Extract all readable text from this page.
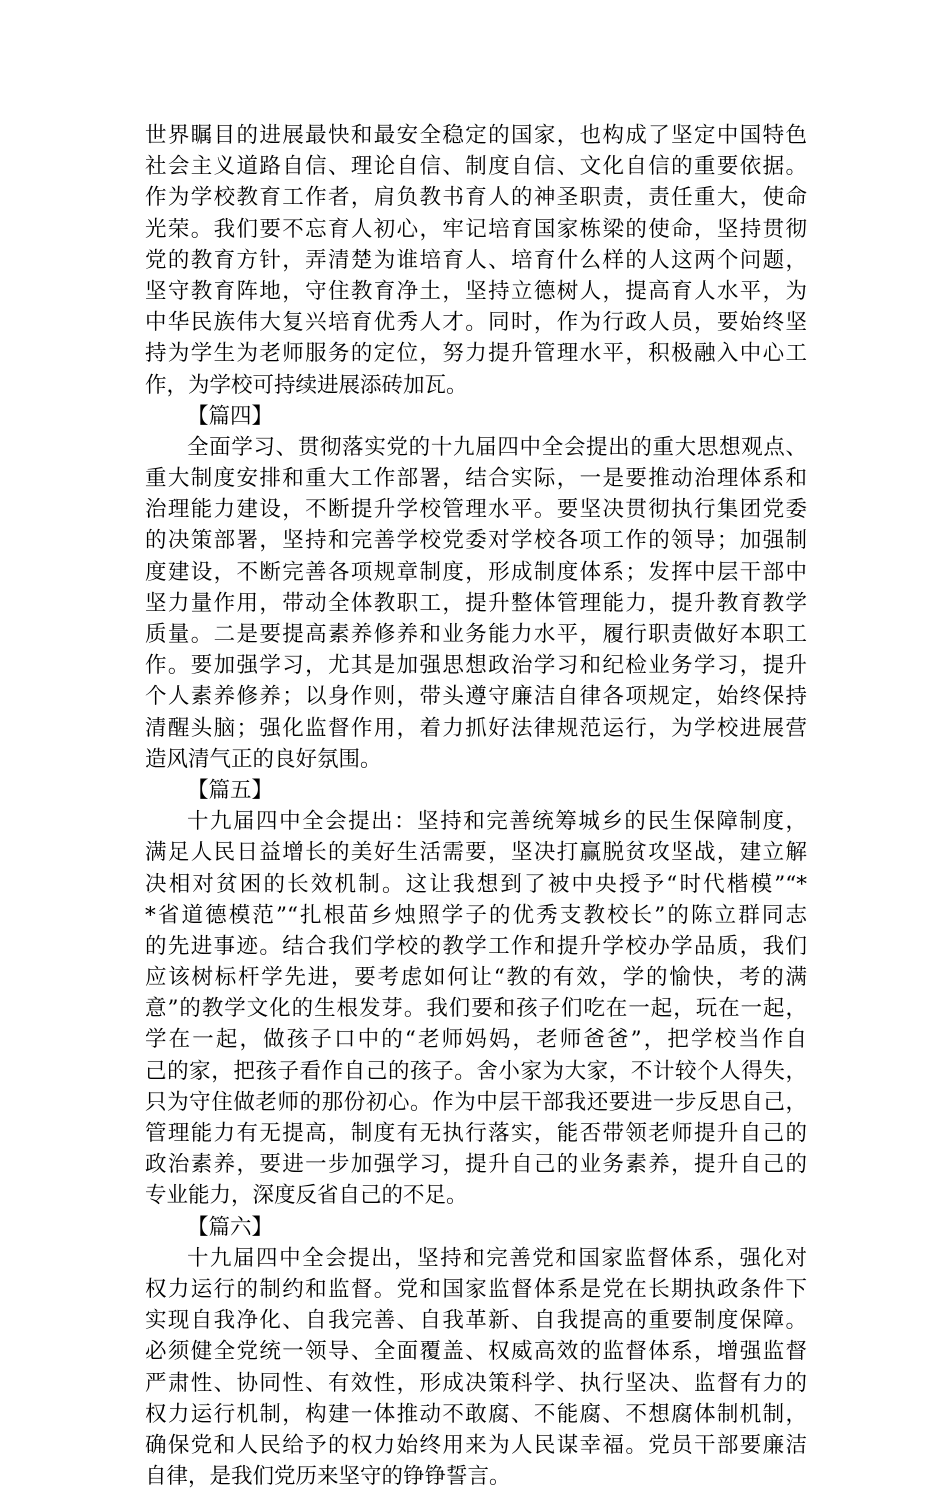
世界瞩目的进展最快和最安全稳定的国家，也构成了坚定中国特色
社会主义道路自信、理论自信、制度自信、文化自信的重要依据。
作为学校教育工作者，肩负教书育人的神圣职责，责任重大，使命
光荣。我们要不忘育人初心，牢记培育国家栋梁的使命，坚持贯彻
党的教育方针，弄清楚为谁培育人、培育什么样的人这两个问题，
坚守教育阵地，守住教育净土，坚持立德树人，提高育人水平，为
中华民族伟大复兴培育优秀人才。同时，作为行政人员，要始终坚
持为学生为老师服务的定位，努力提升管理水平，积极融入中心工
作，为学校可持续进展添砖加瓦。
【篇四】
全面学习、贯彻落实党的十九届四中全会提出的重大思想观点、
重大制度安排和重大工作部署，结合实际，一是要推动治理体系和
治理能力建设，不断提升学校管理水平。要坚决贯彻执行集团党委
的决策部署，坚持和完善学校党委对学校各项工作的领导；加强制
度建设，不断完善各项规章制度，形成制度体系；发挥中层干部中
坚力量作用，带动全体教职工，提升整体管理能力，提升教育教学
质量。二是要提高素养修养和业务能力水平，履行职责做好本职工
作。要加强学习，尤其是加强思想政治学习和纪检业务学习，提升
个人素养修养；以身作则，带头遵守廉洁自律各项规定，始终保持
清醒头脑；强化监督作用，着力抓好法律规范运行，为学校进展营
造风清气正的良好氛围。
【篇五】
十九届四中全会提出：坚持和完善统筹城乡的民生保障制度，
满足人民日益增长的美好生活需要，坚决打赢脱贫攻坚战，建立解
决相对贫困的长效机制。这让我想到了被中央授予“时代楷模”“*
*省道德模范”“扎根苗乡烛照学子的优秀支教校长”的陈立群同志
的先进事迹。结合我们学校的教学工作和提升学校办学品质，我们
应该树标杆学先进，要考虑如何让“教的有效，学的愉快，考的满
意”的教学文化的生根发芽。我们要和孩子们吃在一起，玩在一起，
学在一起，做孩子口中的“老师妈妈，老师爸爸”，把学校当作自
己的家，把孩子看作自己的孩子。舍小家为大家，不计较个人得失，
只为守住做老师的那份初心。作为中层干部我还要进一步反思自己，
管理能力有无提高，制度有无执行落实，能否带领老师提升自己的
政治素养，要进一步加强学习，提升自己的业务素养，提升自己的
专业能力，深度反省自己的不足。
【篇六】
十九届四中全会提出，坚持和完善党和国家监督体系，强化对
权力运行的制约和监督。党和国家监督体系是党在长期执政条件下
实现自我净化、自我完善、自我革新、自我提高的重要制度保障。
必须健全党统一领导、全面覆盖、权威高效的监督体系，增强监督
严肃性、协同性、有效性，形成决策科学、执行坚决、监督有力的
权力运行机制，构建一体推动不敢腐、不能腐、不想腐体制机制，
确保党和人民给予的权力始终用来为人民谋幸福。党员干部要廉洁
自律，是我们党历来坚守的铮铮誓言。
